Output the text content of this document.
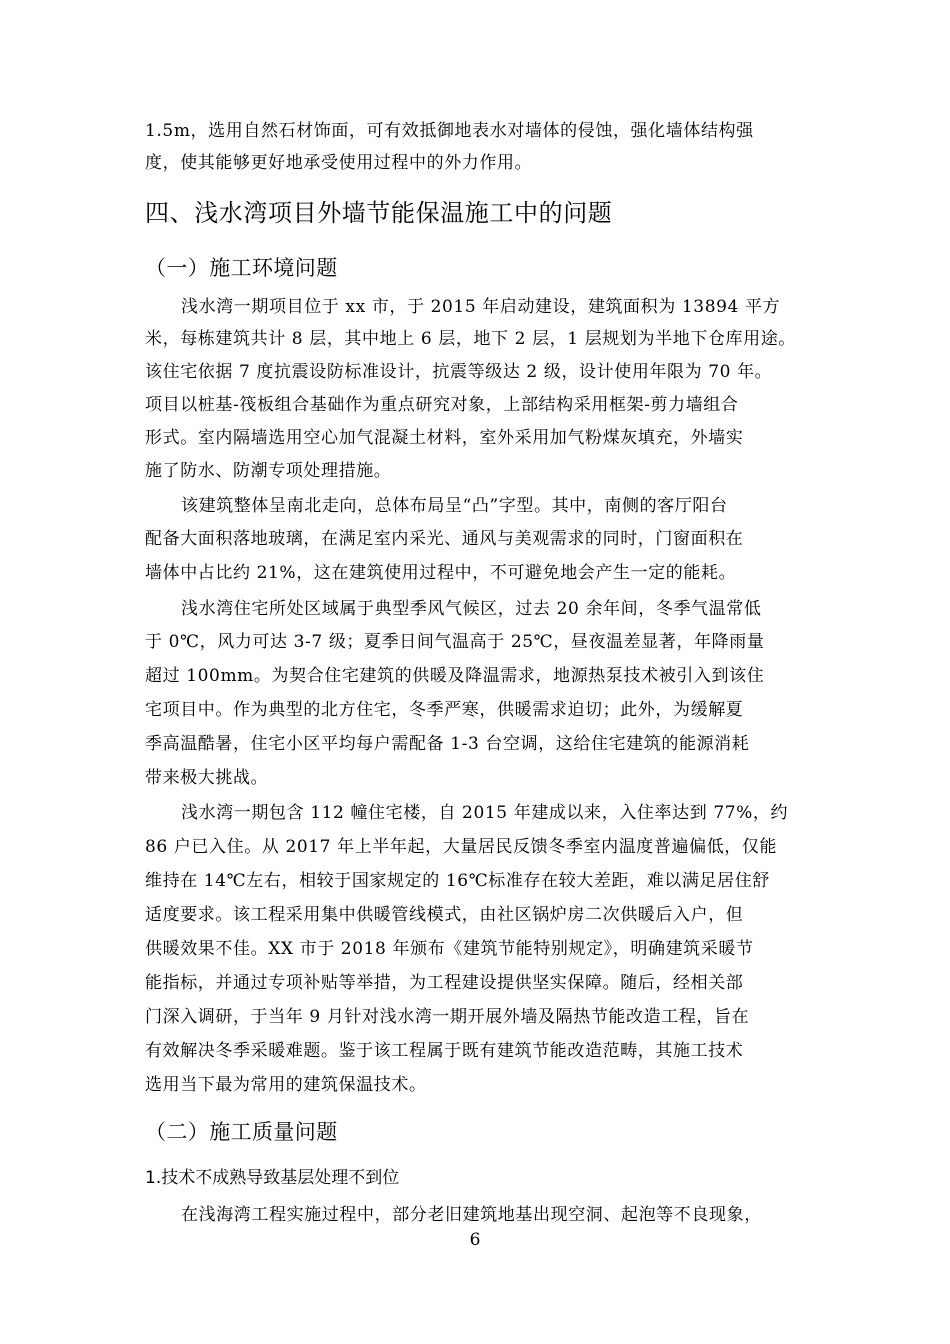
1.5m，选用自然石材饰面，可有效抵御地表水对墙体的侵蚀，强化墙体结构强
度，使其能够更好地承受使用过程中的外力作用。
四、浅水湾项目外墙节能保温施工中的问题
（一）施工环境问题
浅水湾一期项目位于 xx 市，于 2015 年启动建设，建筑面积为 13894 平方
米，每栋建筑共计 8 层，其中地上 6 层，地下 2 层，1 层规划为半地下仓库用途。
该住宅依据 7 度抗震设防标准设计，抗震等级达 2 级，设计使用年限为 70 年。
项目以桩基-筏板组合基础作为重点研究对象，上部结构采用框架-剪力墙组合
形式。室内隔墙选用空心加气混凝土材料，室外采用加气粉煤灰填充，外墙实
施了防水、防潮专项处理措施。
该建筑整体呈南北走向，总体布局呈“凸”字型。其中，南侧的客厅阳台
配备大面积落地玻璃，在满足室内采光、通风与美观需求的同时，门窗面积在
墙体中占比约 21%，这在建筑使用过程中，不可避免地会产生一定的能耗。
浅水湾住宅所处区域属于典型季风气候区，过去 20 余年间，冬季气温常低
于 0℃，风力可达 3-7 级；夏季日间气温高于 25℃，昼夜温差显著，年降雨量
超过 100mm。为契合住宅建筑的供暖及降温需求，地源热泵技术被引入到该住
宅项目中。作为典型的北方住宅，冬季严寒，供暖需求迫切；此外，为缓解夏
季高温酷暑，住宅小区平均每户需配备 1-3 台空调，这给住宅建筑的能源消耗
带来极大挑战。
浅水湾一期包含 112 幢住宅楼，自 2015 年建成以来，入住率达到 77%，约
86 户已入住。从 2017 年上半年起，大量居民反馈冬季室内温度普遍偏低，仅能
维持在 14℃左右，相较于国家规定的 16℃标准存在较大差距，难以满足居住舒
适度要求。该工程采用集中供暖管线模式，由社区锅炉房二次供暖后入户，但
供暖效果不佳。XX 市于 2018 年颁布《建筑节能特别规定》，明确建筑采暖节
能指标，并通过专项补贴等举措，为工程建设提供坚实保障。随后，经相关部
门深入调研，于当年 9 月针对浅水湾一期开展外墙及隔热节能改造工程，旨在
有效解决冬季采暖难题。鉴于该工程属于既有建筑节能改造范畴，其施工技术
选用当下最为常用的建筑保温技术。
（二）施工质量问题
1.技术不成熟导致基层处理不到位
在浅海湾工程实施过程中，部分老旧建筑地基出现空洞、起泡等不良现象，
6
